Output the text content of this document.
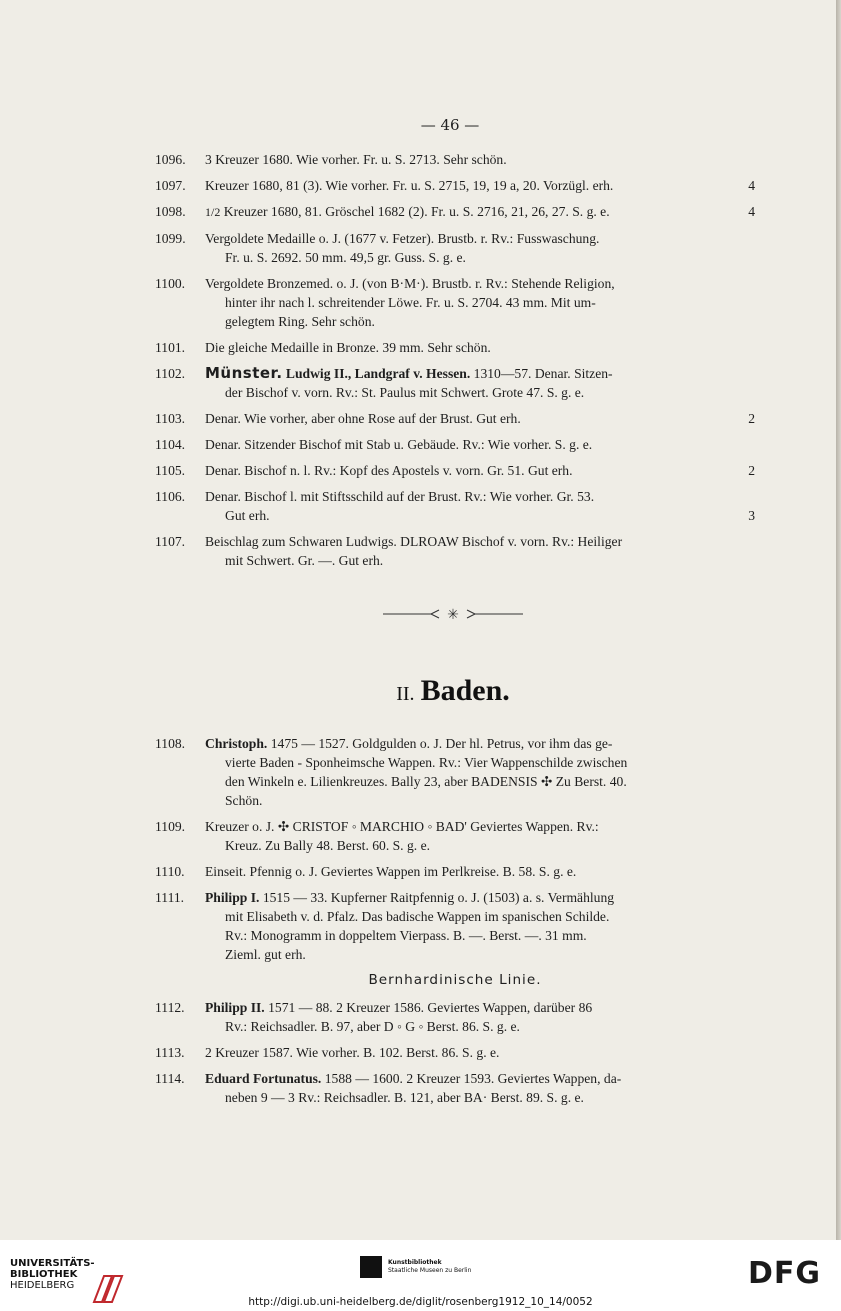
— 46 —
1096.	3 Kreuzer 1680. Wie vorher. Fr. u. S. 2713. Sehr schön.
1097.	Kreuzer 1680, 81 (3). Wie vorher. Fr. u. S. 2715, 19, 19 a, 20. Vorzügl. erh.	4
1098.	1/2 Kreuzer 1680, 81. Gröschel 1682 (2). Fr. u. S. 2716, 21, 26, 27. S. g. e.	4
1099.	Vergoldete Medaille o. J. (1677 v. Fetzer). Brustb. r. Rv.: Fusswaschung.
Fr. u. S. 2692. 50 mm. 49,5 gr. Guss. S. g. e.
1100.	Vergoldete Bronzemed. o. J. (von B·M·). Brustb. r. Rv.: Stehende Religion,
hinter ihr nach l. schreitender Löwe. Fr. u. S. 2704. 43 mm. Mit um-
gelegtem Ring. Sehr schön.
1101.	Die gleiche Medaille in Bronze. 39 mm. Sehr schön.
1102.	Münster. Ludwig II., Landgraf v. Hessen. 1310—57. Denar. Sitzen-
der Bischof v. vorn. Rv.: St. Paulus mit Schwert. Grote 47. S. g. e.
1103.	Denar. Wie vorher, aber ohne Rose auf der Brust. Gut erh.	2
1104.	Denar. Sitzender Bischof mit Stab u. Gebäude. Rv.: Wie vorher. S. g. e.
1105.	Denar. Bischof n. l. Rv.: Kopf des Apostels v. vorn. Gr. 51. Gut erh.	2
1106.	Denar. Bischof l. mit Stiftsschild auf der Brust. Rv.: Wie vorher. Gr. 53.
Gut erh.	3
1107.	Beischlag zum Schwaren Ludwigs. DLROAW Bischof v. vorn. Rv.: Heiliger
mit Schwert. Gr. —. Gut erh.
✳
II. Baden.
1108.	Christoph. 1475 — 1527. Goldgulden o. J. Der hl. Petrus, vor ihm das ge-
vierte Baden - Sponheimsche Wappen. Rv.: Vier Wappenschilde zwischen
den Winkeln e. Lilienkreuzes. Bally 23, aber BADENSIS ✣ Zu Berst. 40.
Schön.
1109.	Kreuzer o. J. ✣ CRISTOF ◦ MARCHIO ◦ BAD' Geviertes Wappen. Rv.:
Kreuz. Zu Bally 48. Berst. 60. S. g. e.
1110.	Einseit. Pfennig o. J. Geviertes Wappen im Perlkreise. B. 58. S. g. e.
1111.	Philipp I. 1515 — 33. Kupferner Raitpfennig o. J. (1503) a. s. Vermählung
mit Elisabeth v. d. Pfalz. Das badische Wappen im spanischen Schilde.
Rv.: Monogramm in doppeltem Vierpass. B. —. Berst. —. 31 mm.
Zieml. gut erh.
Bernhardinische Linie.
1112.	Philipp II. 1571 — 88. 2 Kreuzer 1586. Geviertes Wappen, darüber 86
Rv.: Reichsadler. B. 97, aber D ◦ G ◦ Berst. 86. S. g. e.
1113.	2 Kreuzer 1587. Wie vorher. B. 102. Berst. 86. S. g. e.
1114.	Eduard Fortunatus. 1588 — 1600. 2 Kreuzer 1593. Geviertes Wappen, da-
neben 9 — 3 Rv.: Reichsadler. B. 121, aber BA· Berst. 89. S. g. e.
UNIVERSITÄTS-
BIBLIOTHEK
HEIDELBERG
Kunstbibliothek
Staatliche Museen zu Berlin	DFG
http://digi.ub.uni-heidelberg.de/diglit/rosenberg1912_10_14/0052
